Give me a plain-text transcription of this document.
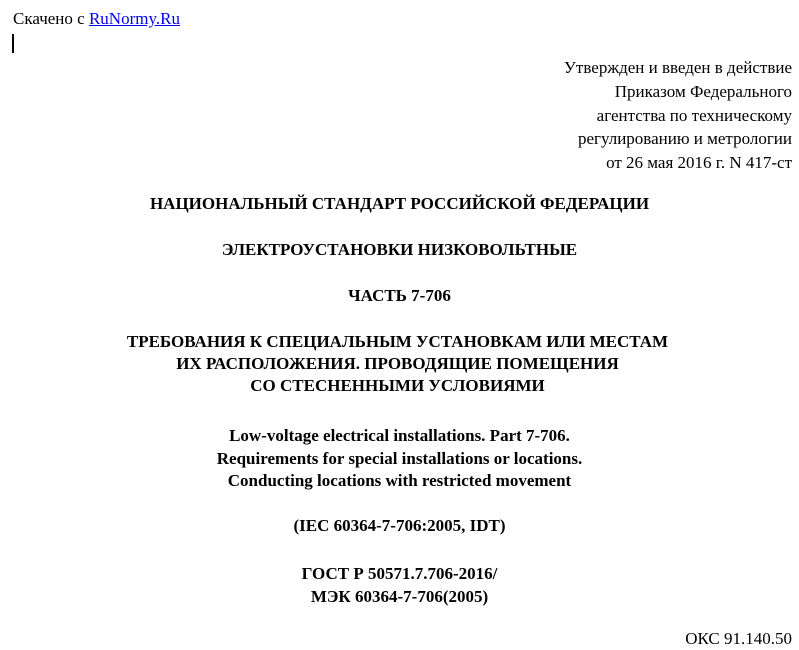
Скачено с RuNormy.Ru
Утвержден и введен в действие
Приказом Федерального
агентства по техническому
регулированию и метрологии
от 26 мая 2016 г. N 417-ст
НАЦИОНАЛЬНЫЙ СТАНДАРТ РОССИЙСКОЙ ФЕДЕРАЦИИ
ЭЛЕКТРОУСТАНОВКИ НИЗКОВОЛЬТНЫЕ
ЧАСТЬ 7-706
ТРЕБОВАНИЯ К СПЕЦИАЛЬНЫМ УСТАНОВКАМ ИЛИ МЕСТАМ
ИХ РАСПОЛОЖЕНИЯ. ПРОВОДЯЩИЕ ПОМЕЩЕНИЯ
СО СТЕСНЕННЫМИ УСЛОВИЯМИ
Low-voltage electrical installations. Part 7-706.
Requirements for special installations or locations.
Conducting locations with restricted movement
(IEC 60364-7-706:2005, IDT)
ГОСТ Р 50571.7.706-2016/
МЭК 60364-7-706(2005)
ОКС 91.140.50
